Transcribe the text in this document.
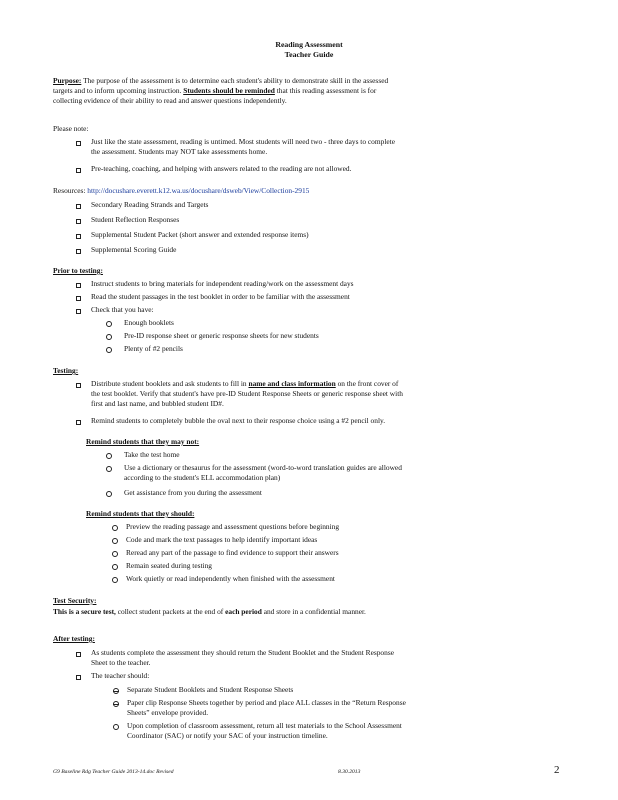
Reading Assessment
Teacher Guide
Purpose: The purpose of the assessment is to determine each student's ability to demonstrate skill in the assessed
targets and to inform upcoming instruction. Students should be reminded that this reading assessment is for
collecting evidence of their ability to read and answer questions independently.
Please note:
Just like the state assessment, reading is untimed. Most students will need two - three days to complete
the assessment. Students may NOT take assessments home.
Pre-teaching, coaching, and helping with answers related to the reading are not allowed.
Resources: http://docushare.everett.k12.wa.us/docushare/dsweb/View/Collection-2915
Secondary Reading Strands and Targets
Student Reflection Responses
Supplemental Student Packet (short answer and extended response items)
Supplemental Scoring Guide
Prior to testing:
Instruct students to bring materials for independent reading/work on the assessment days
Read the student passages in the test booklet in order to be familiar with the assessment
Check that you have:
Enough booklets
Pre-ID response sheet or generic response sheets for new students
Plenty of #2 pencils
Testing:
Distribute student booklets and ask students to fill in name and class information on the front cover of
the test booklet. Verify that student's have pre-ID Student Response Sheets or generic response sheet with
first and last name, and bubbled student ID#.
Remind students to completely bubble the oval next to their response choice using a #2 pencil only.
Remind students that they may not:
Take the test home
Use a dictionary or thesaurus for the assessment (word-to-word translation guides are allowed
according to the student's ELL accommodation plan)
Get assistance from you during the assessment
Remind students that they should:
Preview the reading passage and assessment questions before beginning
Code and mark the text passages to help identify important ideas
Reread any part of the passage to find evidence to support their answers
Remain seated during testing
Work quietly or read independently when finished with the assessment
Test Security:
This is a secure test, collect student packets at the end of each period and store in a confidential manner.
After testing:
As students complete the assessment they should return the Student Booklet and the Student Response
Sheet to the teacher.
The teacher should:
Separate Student Booklets and Student Response Sheets
Paper clip Response Sheets together by period and place ALL classes in the “Return Response
Sheets” envelope provided.
Upon completion of classroom assessment, return all test materials to the School Assessment
Coordinator (SAC) or notify your SAC of your instruction timeline.
G9 Baseline Rdg Teacher Guide 2013-14.doc Revised	8.30.2013	2
